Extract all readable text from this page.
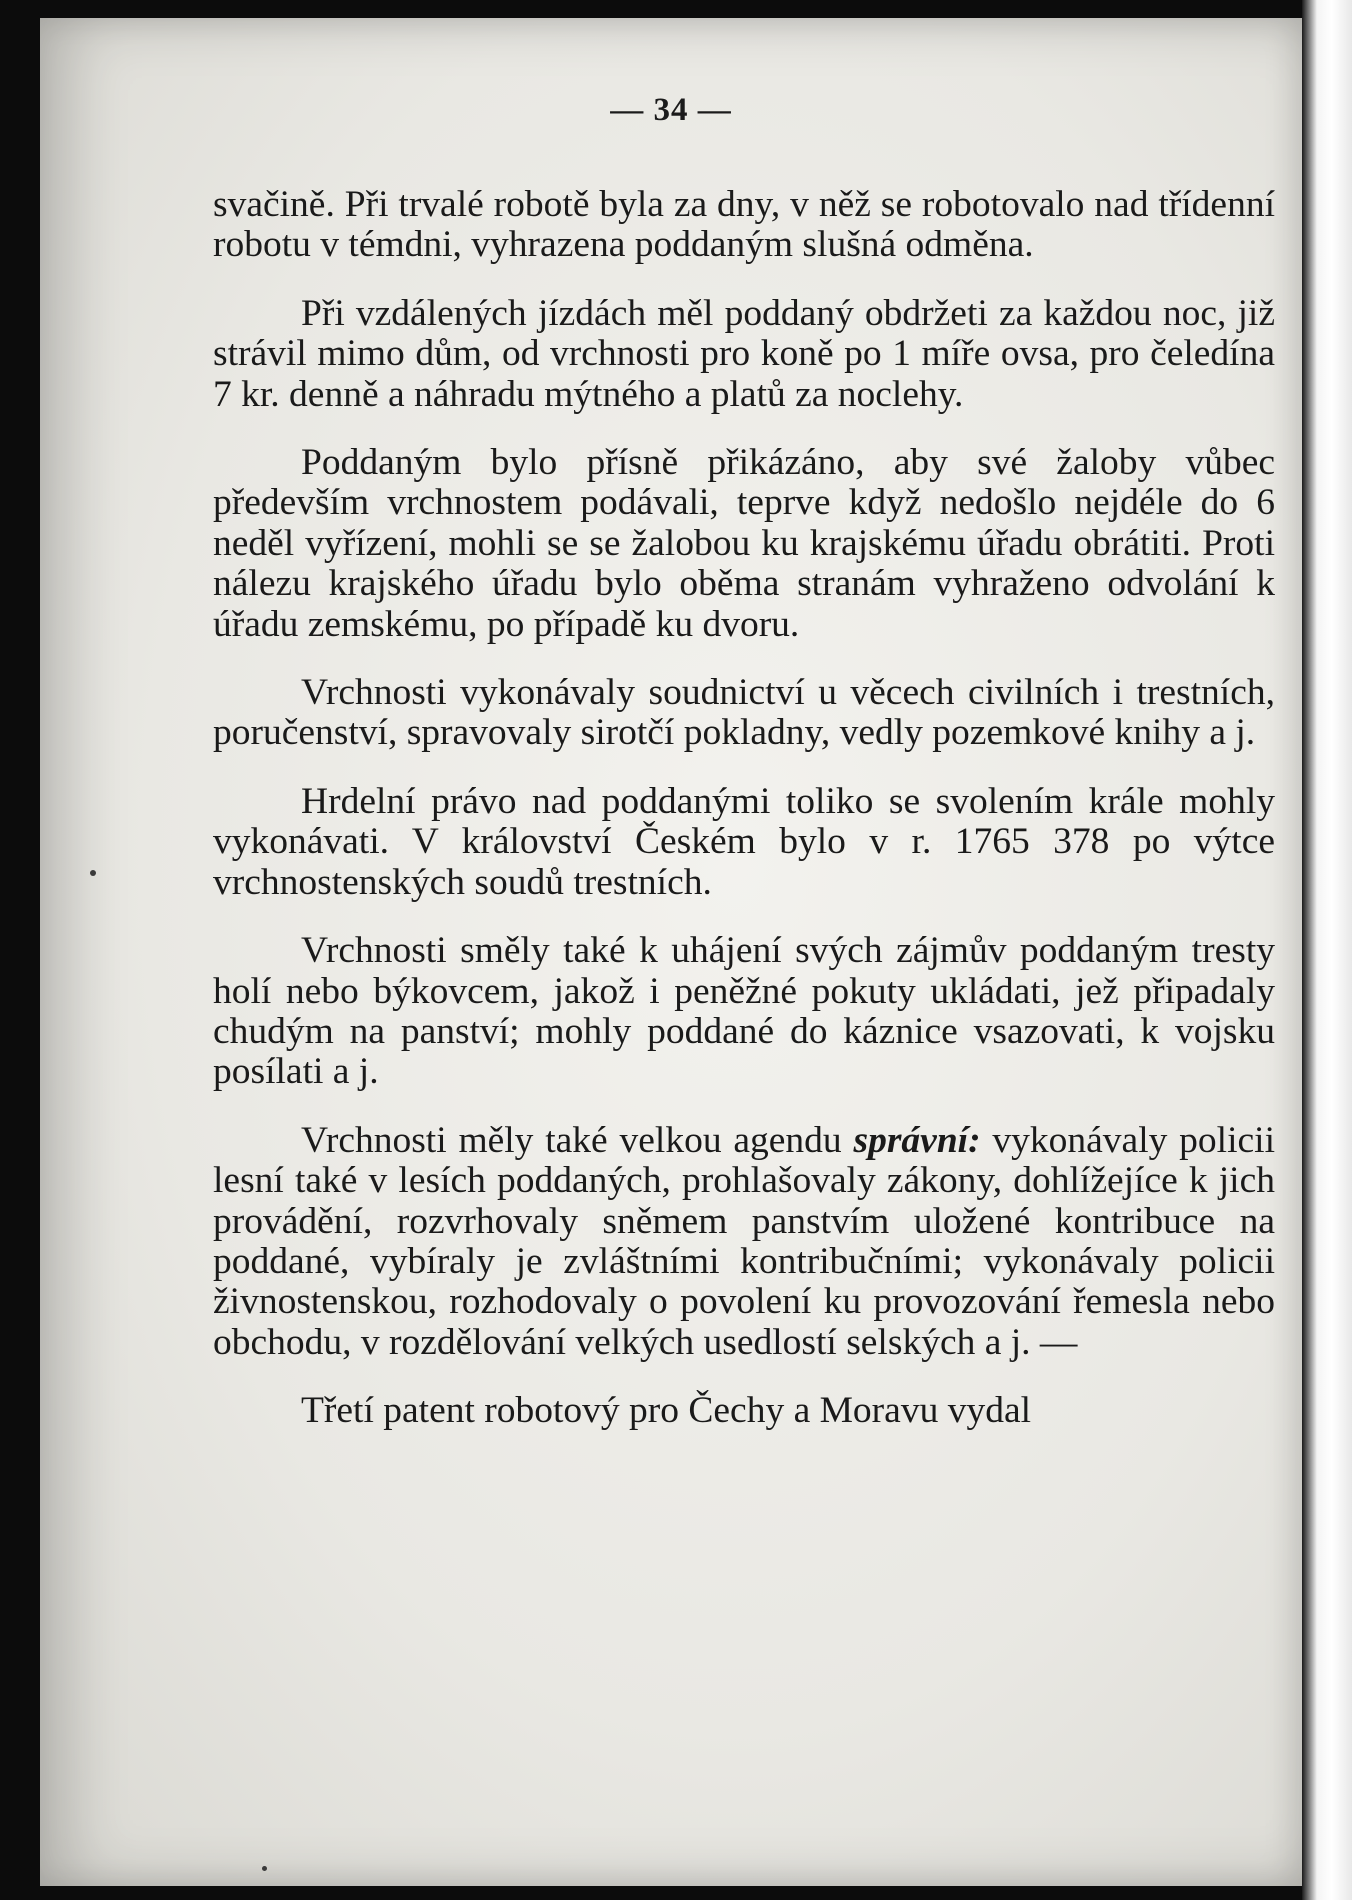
— 34 —

svačině. Při trvalé robotě byla za dny, v něž se robotovalo nad třídenní robotu v témdni, vyhrazena poddaným slušná odměna.

Při vzdálených jízdách měl poddaný obdržeti za každou noc, již strávil mimo dům, od vrchnosti pro koně po 1 míře ovsa, pro čeledína 7 kr. denně a náhradu mýtného a platů za noclehy.

Poddaným bylo přísně přikázáno, aby své žaloby vůbec především vrchnostem podávali, teprve když nedošlo nejdéle do 6 neděl vyřízení, mohli se se žalobou ku krajskému úřadu obrátiti. Proti nálezu krajského úřadu bylo oběma stranám vyhraženo odvolání k úřadu zemskému, po případě ku dvoru.

Vrchnosti vykonávaly soudnictví u věcech civilních i trestních, poručenství, spravovaly sirotčí pokladny, vedly pozemkové knihy a j.

Hrdelní právo nad poddanými toliko se svolením krále mohly vykonávati. V království Českém bylo v r. 1765 378 po výtce vrchnostenských soudů trestních.

Vrchnosti směly také k uhájení svých zájmův poddaným tresty holí nebo býkovcem, jakož i peněžné pokuty ukládati, jež připadaly chudým na panství; mohly poddané do káznice vsazovati, k vojsku posílati a j.

Vrchnosti měly také velkou agendu správní: vykonávaly policii lesní také v lesích poddaných, prohlašovaly zákony, dohlížejíce k jich provádění, rozvrhovaly sněmem panstvím uložené kontribuce na poddané, vybíraly je zvláštními kontribučními; vykonávaly policii živnostenskou, rozhodovaly o povolení ku provozování řemesla nebo obchodu, v rozdělování velkých usedlostí selských a j. —

Třetí patent robotový pro Čechy a Moravu vydal
